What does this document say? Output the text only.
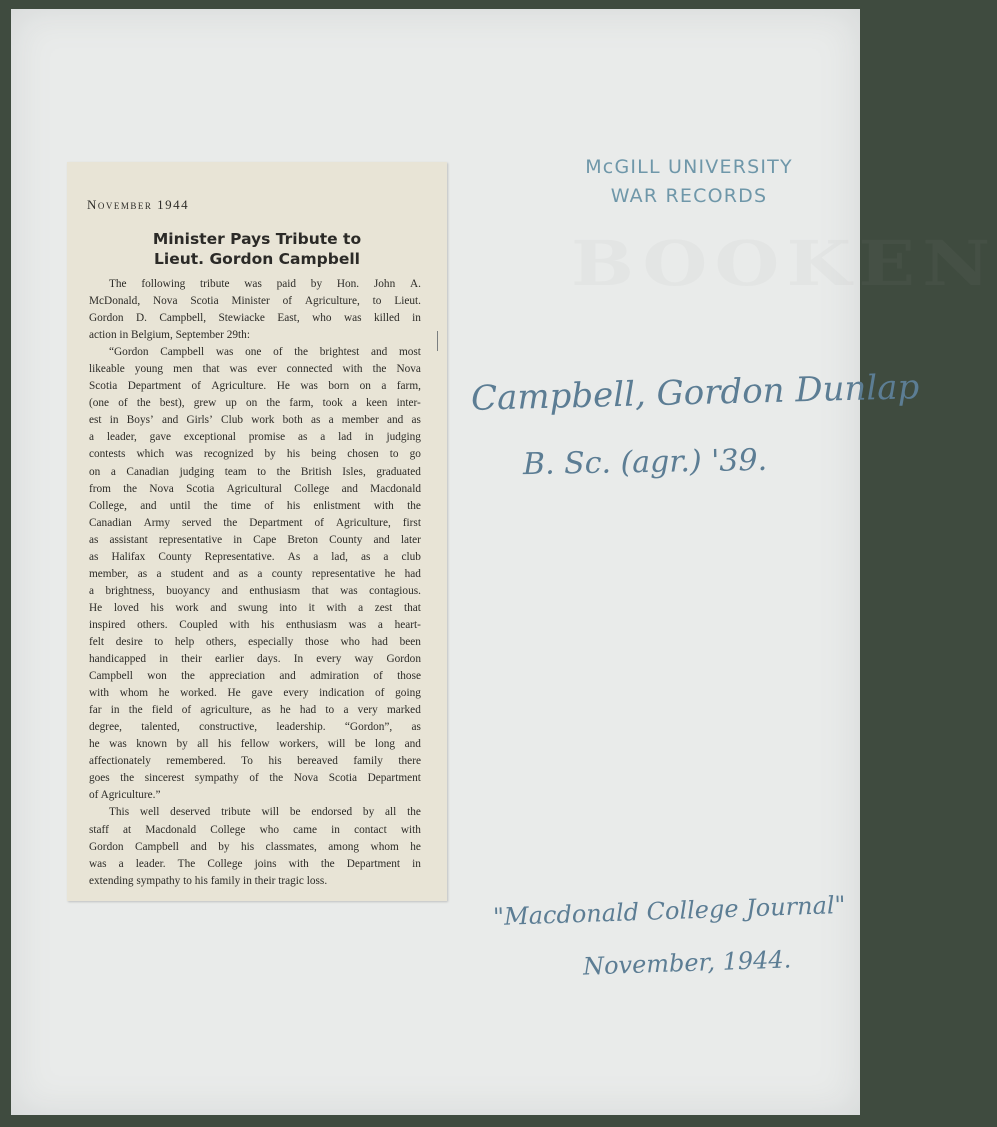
BOOKEN
November 1944
Minister Pays Tribute to
Lieut. Gordon Campbell
The following tribute was paid by Hon. John A.
McDonald, Nova Scotia Minister of Agriculture, to Lieut.
Gordon D. Campbell, Stewiacke East, who was killed in
action in Belgium, September 29th:
“Gordon Campbell was one of the brightest and most
likeable young men that was ever connected with the Nova
Scotia Department of Agriculture. He was born on a farm,
(one of the best), grew up on the farm, took a keen inter-
est in Boys’ and Girls’ Club work both as a member and as
a leader, gave exceptional promise as a lad in judging
contests which was recognized by his being chosen to go
on a Canadian judging team to the British Isles, graduated
from the Nova Scotia Agricultural College and Macdonald
College, and until the time of his enlistment with the
Canadian Army served the Department of Agriculture, first
as assistant representative in Cape Breton County and later
as Halifax County Representative. As a lad, as a club
member, as a student and as a county representative he had
a brightness, buoyancy and enthusiasm that was contagious.
He loved his work and swung into it with a zest that
inspired others. Coupled with his enthusiasm was a heart-
felt desire to help others, especially those who had been
handicapped in their earlier days. In every way Gordon
Campbell won the appreciation and admiration of those
with whom he worked. He gave every indication of going
far in the field of agriculture, as he had to a very marked
degree, talented, constructive, leadership. “Gordon”, as
he was known by all his fellow workers, will be long and
affectionately remembered. To his bereaved family there
goes the sincerest sympathy of the Nova Scotia Department
of Agriculture.”
This well deserved tribute will be endorsed by all the
staff at Macdonald College who came in contact with
Gordon Campbell and by his classmates, among whom he
was a leader. The College joins with the Department in
extending sympathy to his family in their tragic loss.
McGILL UNIVERSITY
WAR RECORDS
Campbell, Gordon Dunlap
B. Sc. (agr.) '39.
"Macdonald College Journal"
November, 1944.
